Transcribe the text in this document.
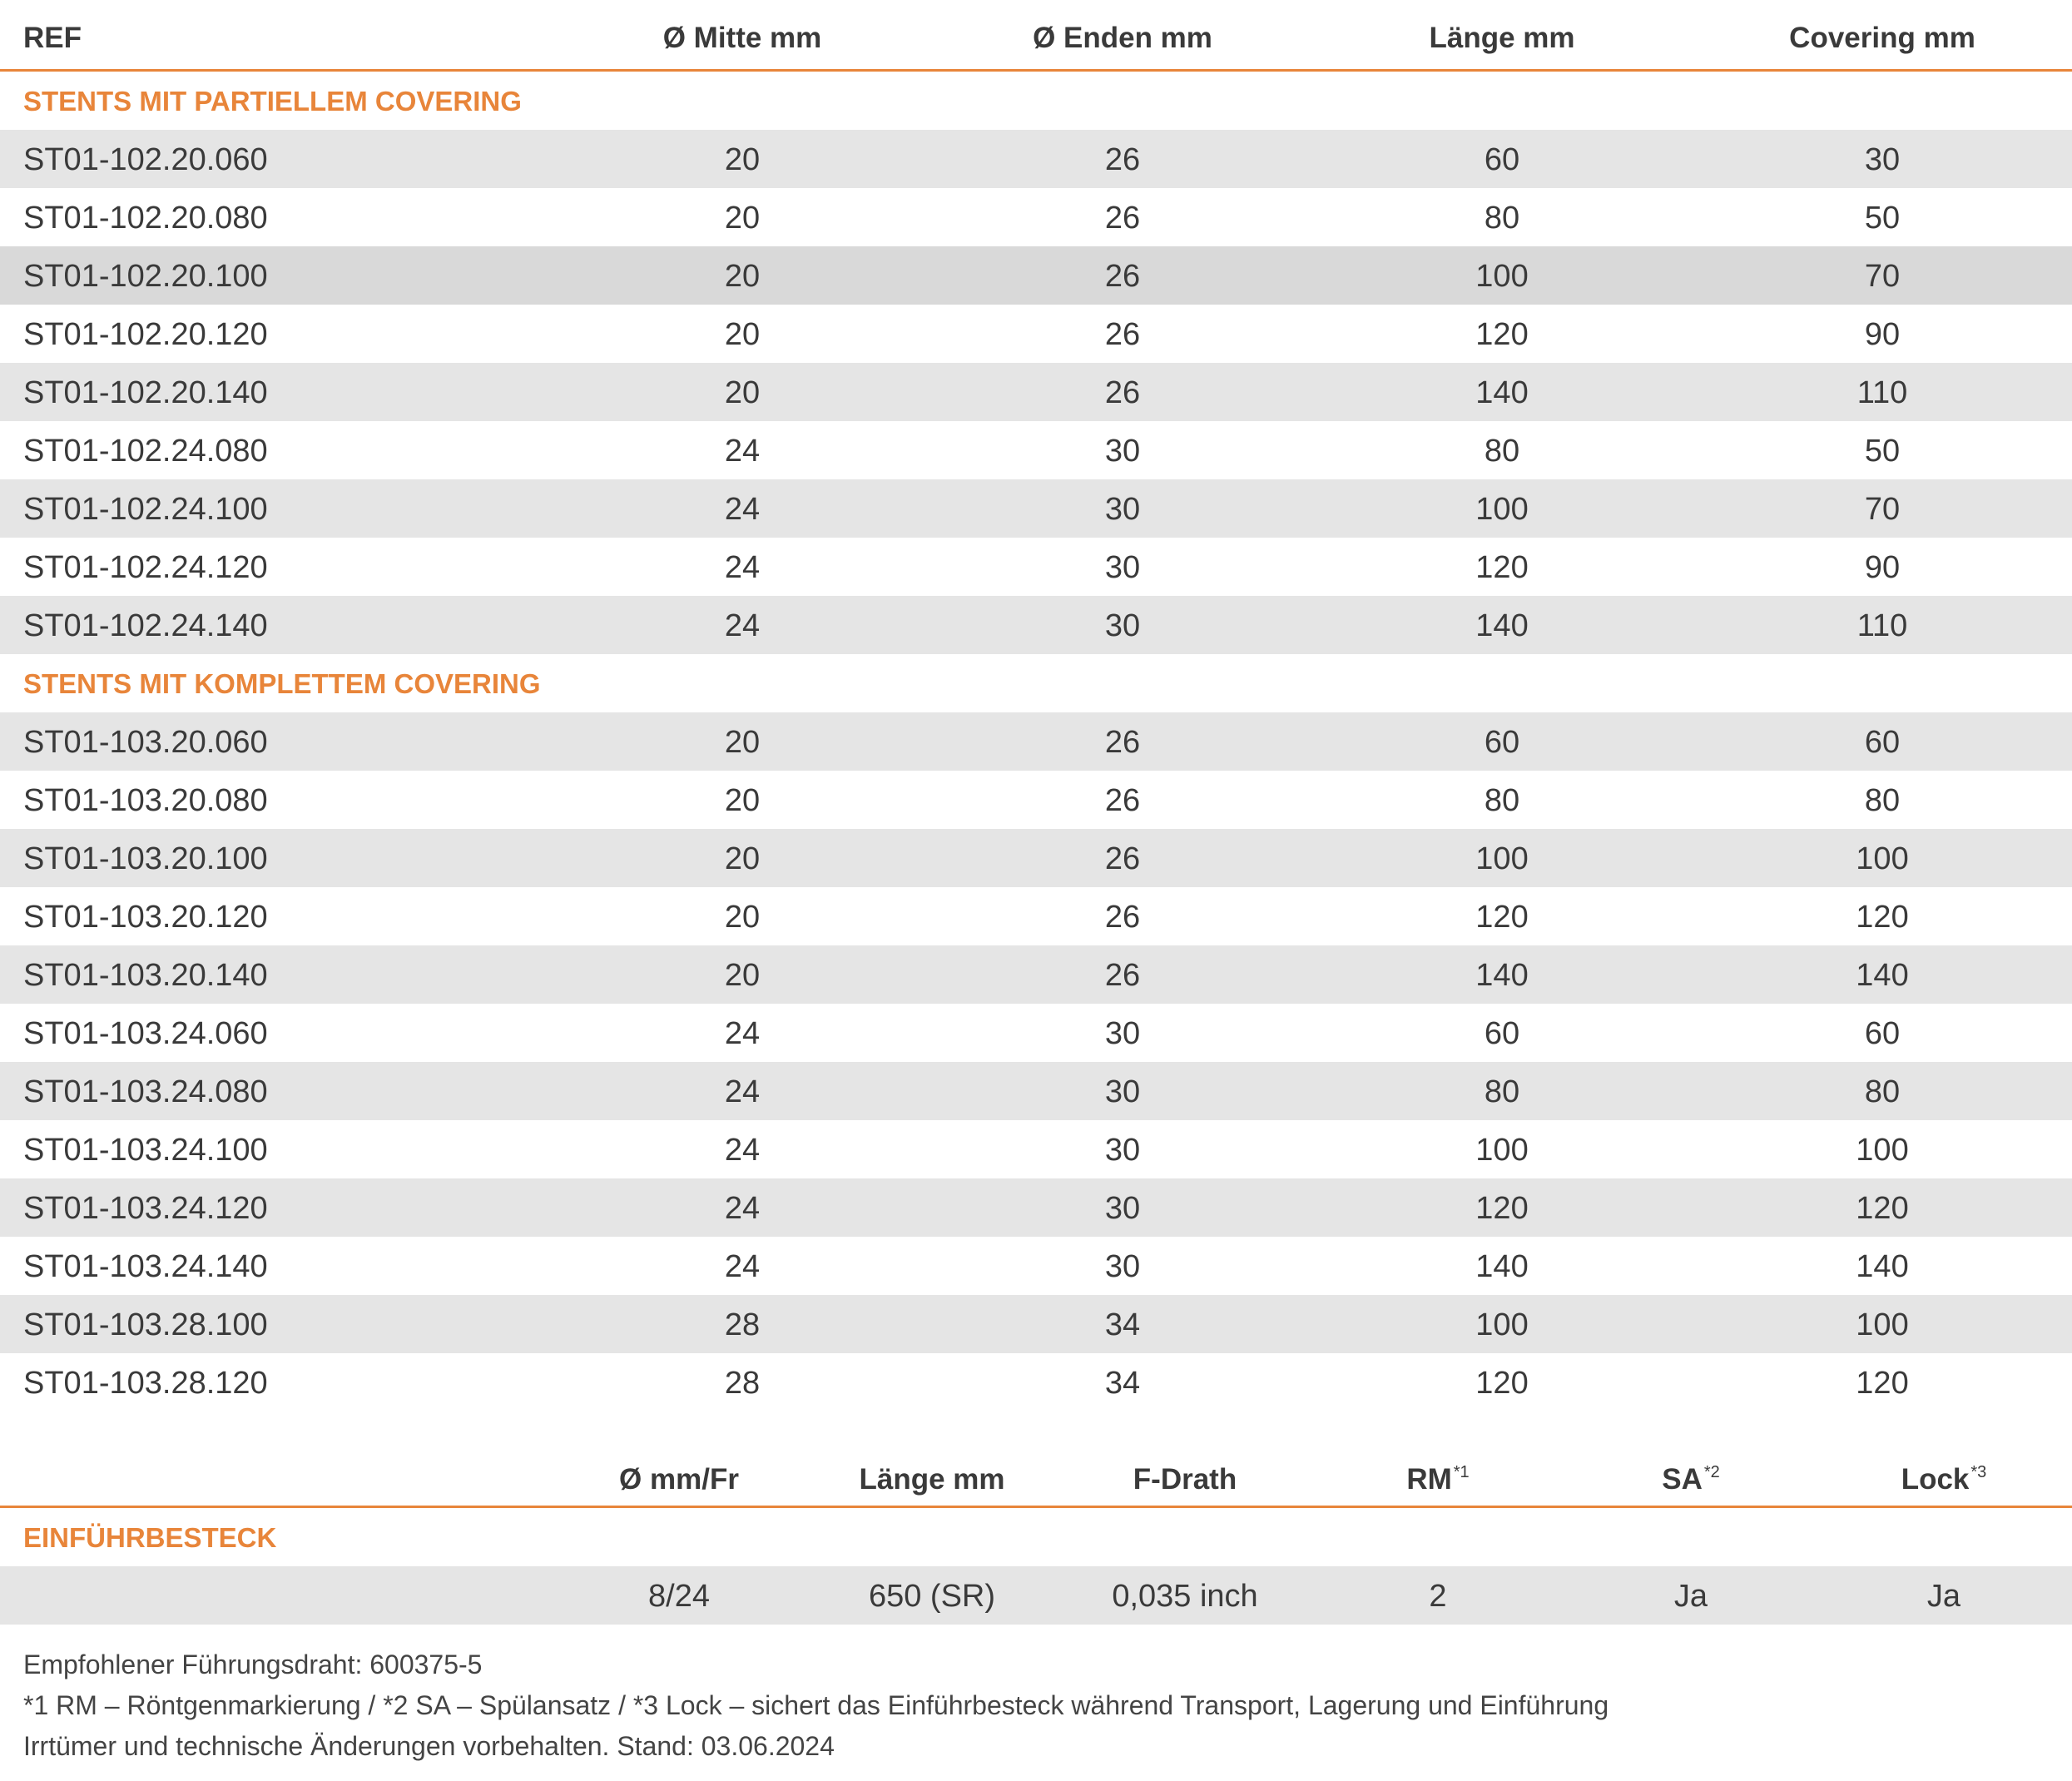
REF	Ø Mitte mm	Ø Enden mm	Länge mm	Covering mm
STENTS MIT PARTIELLEM COVERING
ST01-102.20.060	20	26	60	30
ST01-102.20.080	20	26	80	50
ST01-102.20.100	20	26	100	70
ST01-102.20.120	20	26	120	90
ST01-102.20.140	20	26	140	110
ST01-102.24.080	24	30	80	50
ST01-102.24.100	24	30	100	70
ST01-102.24.120	24	30	120	90
ST01-102.24.140	24	30	140	110
STENTS MIT KOMPLETTEM COVERING
ST01-103.20.060	20	26	60	60
ST01-103.20.080	20	26	80	80
ST01-103.20.100	20	26	100	100
ST01-103.20.120	20	26	120	120
ST01-103.20.140	20	26	140	140
ST01-103.24.060	24	30	60	60
ST01-103.24.080	24	30	80	80
ST01-103.24.100	24	30	100	100
ST01-103.24.120	24	30	120	120
ST01-103.24.140	24	30	140	140
ST01-103.28.100	28	34	100	100
ST01-103.28.120	28	34	120	120
Ø mm/Fr	Länge mm	F-Drath	RM $^{*1}$	SA $^{*2}$	Lock $^{*3}$
EINFÜHRBESTECK
8/24	650 (SR)	0,035 inch	2	Ja	Ja
Empfohlener Führungsdraht: 600375-5
*1 RM – Röntgenmarkierung / *2 SA – Spülansatz / *3 Lock – sichert das Einführbesteck während Transport, Lagerung und Einführung
Irrtümer und technische Änderungen vorbehalten. Stand: 03.06.2024
